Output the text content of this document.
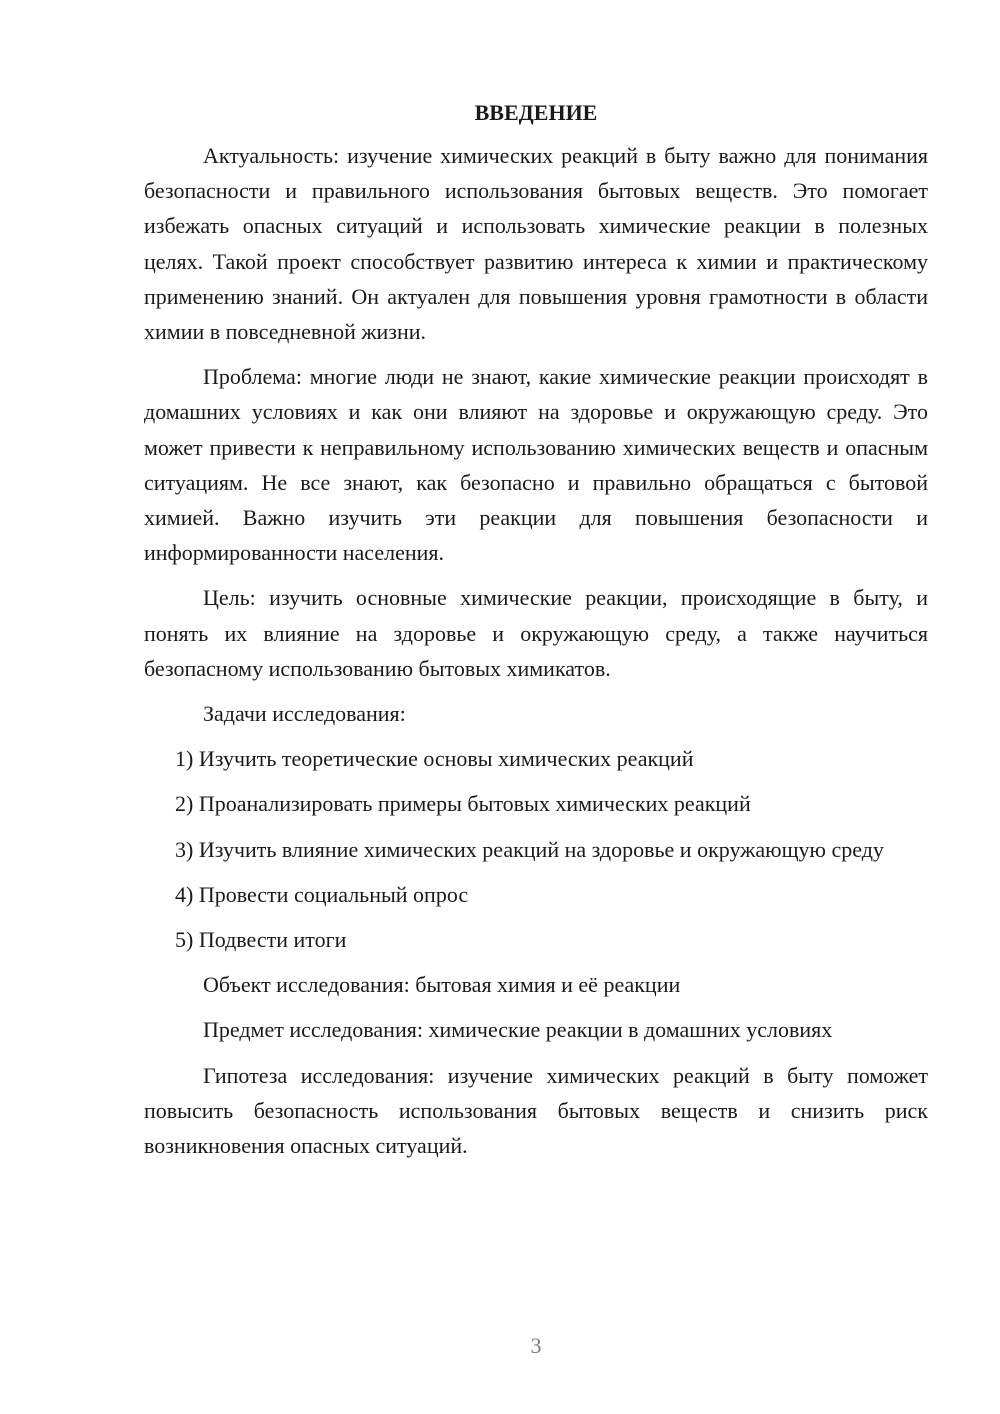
ВВЕДЕНИЕ

Актуальность: изучение химических реакций в быту важно для понимания безопасности и правильного использования бытовых веществ. Это помогает избежать опасных ситуаций и использовать химические реакции в полезных целях. Такой проект способствует развитию интереса к химии и практическому применению знаний. Он актуален для повышения уровня грамотности в области химии в повседневной жизни.

Проблема: многие люди не знают, какие химические реакции происходят в домашних условиях и как они влияют на здоровье и окружающую среду. Это может привести к неправильному использованию химических веществ и опасным ситуациям. Не все знают, как безопасно и правильно обращаться с бытовой химией. Важно изучить эти реакции для повышения безопасности и информированности населения.

Цель: изучить основные химические реакции, происходящие в быту, и понять их влияние на здоровье и окружающую среду, а также научиться безопасному использованию бытовых химикатов.

Задачи исследования:

1) Изучить теоретические основы химических реакций

2) Проанализировать примеры бытовых химических реакций

3) Изучить влияние химических реакций на здоровье и окружающую среду

4) Провести социальный опрос

5) Подвести итоги

Объект исследования: бытовая химия и её реакции

Предмет исследования: химические реакции в домашних условиях

Гипотеза исследования: изучение химических реакций в быту поможет повысить безопасность использования бытовых веществ и снизить риск возникновения опасных ситуаций.

3
